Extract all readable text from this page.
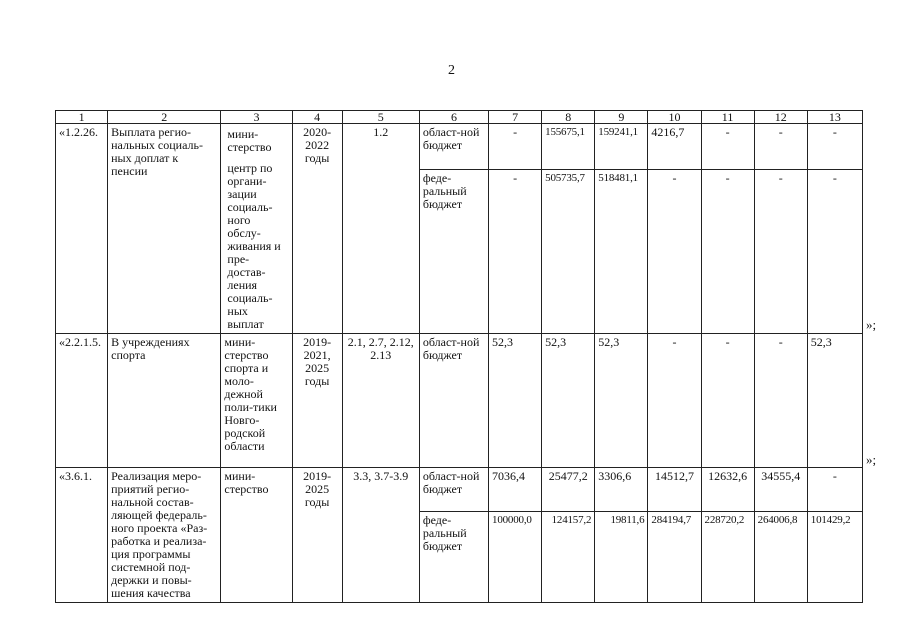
2
1	2	3	4	5	6	7	8	9	10	11	12	13
«1.2.26.	Выплата регио-нальных социаль-ных доплат к пенсии	мини-стерство
центр по органи-зации социаль-ного обслу-живания и пре-достав-ления социаль-ных выплат	2020-2022 годы	1.2	област-ной бюджет	-	155675,1	159241,1	4216,7	-	-	-
					феде-ральный бюджет	-	505735,7	518481,1	-	-	-	-
«2.2.1.5.	В учреждениях спорта	мини-стерство спорта и моло-дежной поли-тики Новго-родской области	2019-2021, 2025 годы	2.1, 2.7, 2.12, 2.13	област-ной бюджет	52,3	52,3	52,3	-	-	-	52,3
«3.6.1.	Реализация меро-приятий регио-нальной состав-ляющей федераль-ного проекта «Раз-работка и реализа-ция программы системной под-держки и повы-шения качества	мини-стерство	2019-2025 годы	3.3, 3.7-3.9	област-ной бюджет	7036,4	25477,2	3306,6	14512,7	12632,6	34555,4	-
					феде-ральный бюджет	100000,0	124157,2	19811,6	284194,7	228720,2	264006,8	101429,2
»;
»;
